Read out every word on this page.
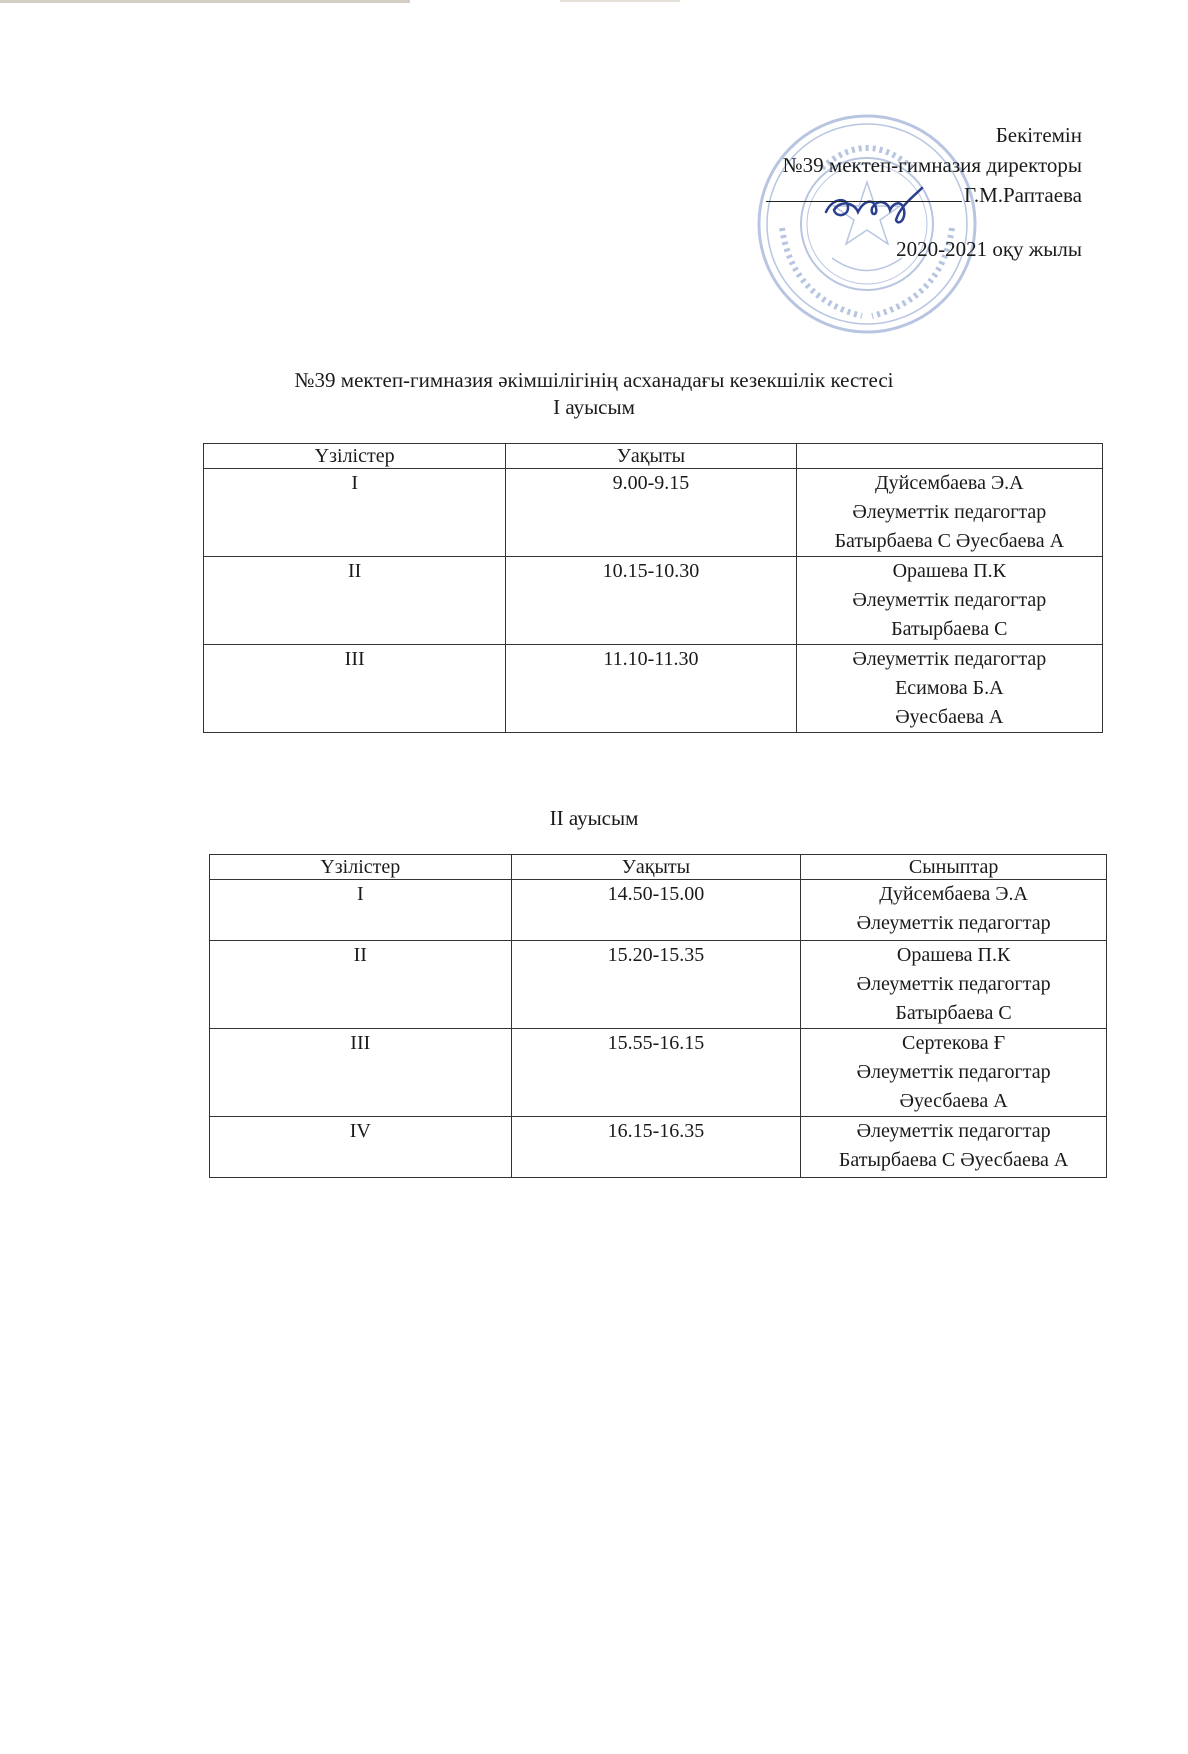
Бекітемін
№39 мектеп-гимназия директоры
Г.М.Раптаева
2020-2021 оқу жылы
№39 мектеп-гимназия әкімшілігінің асханадағы кезекшілік кестесі
І ауысым
Үзілістер	Уақыты	
І	9.00-9.15	Дуйсембаева Э.А
Әлеуметтік педагогтар
Батырбаева С Әуесбаева А

ІІ	10.15-10.30	Орашева П.К
Әлеуметтік педагогтар
Батырбаева С

ІІІ	11.10-11.30	Әлеуметтік педагогтар
Есимова Б.А
Әуесбаева А
ІІ ауысым
Үзілістер	Уақыты	Сыныптар
І	14.50-15.00	Дуйсембаева Э.А
Әлеуметтік педагогтар

ІІ	15.20-15.35	Орашева П.К
Әлеуметтік педагогтар
Батырбаева С

ІІІ	15.55-16.15	Сертекова Ғ
Әлеуметтік педагогтар
Әуесбаева А

ІV	16.15-16.35	Әлеуметтік педагогтар
Батырбаева С Әуесбаева А
